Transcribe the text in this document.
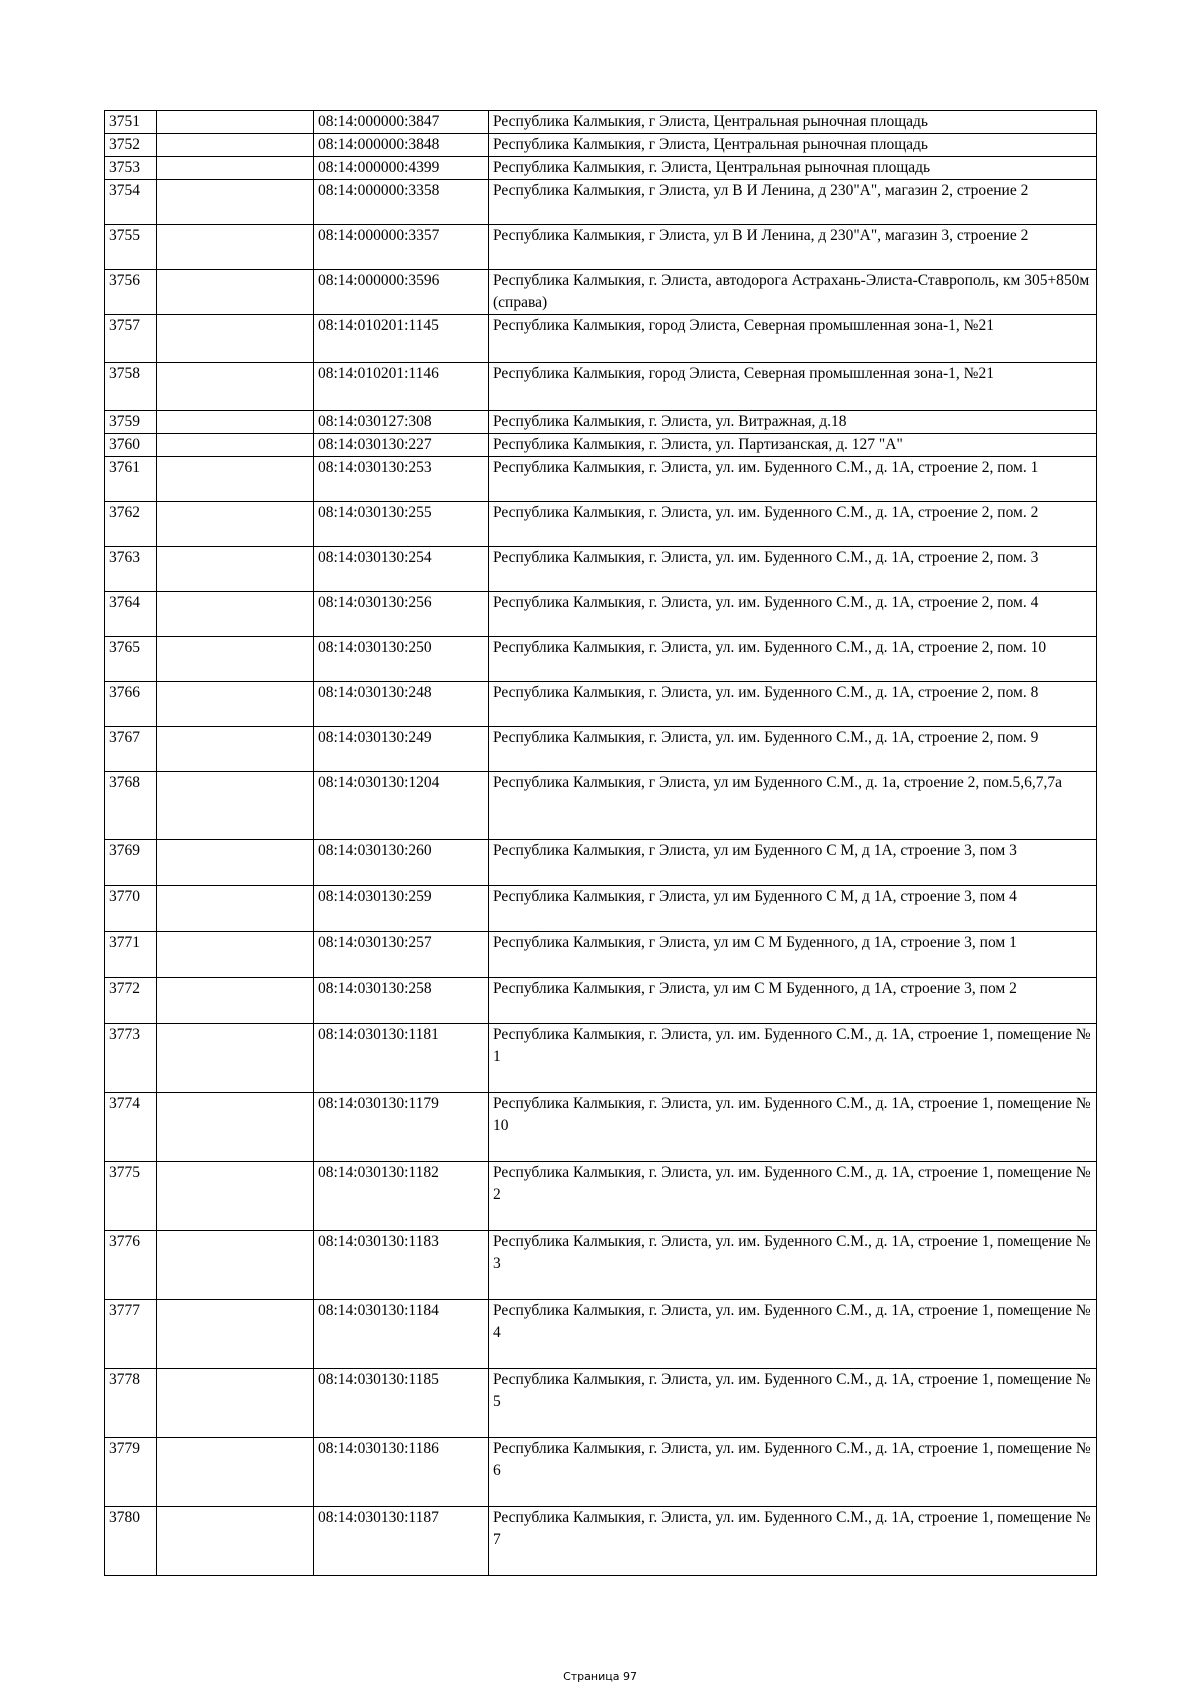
3751		08:14:000000:3847	Республика Калмыкия, г Элиста, Центральная рыночная площадь
3752		08:14:000000:3848	Республика Калмыкия, г Элиста, Центральная рыночная площадь
3753		08:14:000000:4399	Республика Калмыкия, г. Элиста, Центральная рыночная площадь
3754		08:14:000000:3358	Республика Калмыкия, г Элиста, ул В И Ленина, д 230"А", магазин 2, строение 2
3755		08:14:000000:3357	Республика Калмыкия, г Элиста, ул В И Ленина, д 230"А", магазин 3, строение 2
3756		08:14:000000:3596	Республика Калмыкия, г. Элиста, автодорога Астрахань-Элиста-Ставрополь, км 305+850м (справа)
3757		08:14:010201:1145	Республика Калмыкия, город Элиста, Северная промышленная зона-1, №21
3758		08:14:010201:1146	Республика Калмыкия, город Элиста, Северная промышленная зона-1, №21
3759		08:14:030127:308	Республика Калмыкия, г. Элиста, ул. Витражная, д.18
3760		08:14:030130:227	Республика Калмыкия, г. Элиста, ул. Партизанская, д. 127 "А"
3761		08:14:030130:253	Республика Калмыкия, г. Элиста, ул. им. Буденного С.М., д. 1А, строение 2, пом. 1
3762		08:14:030130:255	Республика Калмыкия, г. Элиста, ул. им. Буденного С.М., д. 1А, строение 2, пом. 2
3763		08:14:030130:254	Республика Калмыкия, г. Элиста, ул. им. Буденного С.М., д. 1А, строение 2, пом. 3
3764		08:14:030130:256	Республика Калмыкия, г. Элиста, ул. им. Буденного С.М., д. 1А, строение 2, пом. 4
3765		08:14:030130:250	Республика Калмыкия, г. Элиста, ул. им. Буденного С.М., д. 1А, строение 2, пом. 10
3766		08:14:030130:248	Республика Калмыкия, г. Элиста, ул. им. Буденного С.М., д. 1А, строение 2, пом. 8
3767		08:14:030130:249	Республика Калмыкия, г. Элиста, ул. им. Буденного С.М., д. 1А, строение 2, пом. 9
3768		08:14:030130:1204	Республика Калмыкия, г Элиста, ул им Буденного С.М., д. 1а, строение 2, пом.5,6,7,7а
3769		08:14:030130:260	Республика Калмыкия, г Элиста, ул им Буденного С М, д 1А, строение 3, пом 3
3770		08:14:030130:259	Республика Калмыкия, г Элиста, ул им Буденного С М, д 1А, строение 3, пом 4
3771		08:14:030130:257	Республика Калмыкия, г Элиста, ул им С М Буденного, д 1А, строение 3, пом 1
3772		08:14:030130:258	Республика Калмыкия, г Элиста, ул им С М Буденного, д 1А, строение 3, пом 2
3773		08:14:030130:1181	Республика Калмыкия, г. Элиста, ул. им. Буденного С.М., д. 1А, строение 1, помещение № 1
3774		08:14:030130:1179	Республика Калмыкия, г. Элиста, ул. им. Буденного С.М., д. 1А, строение 1, помещение № 10
3775		08:14:030130:1182	Республика Калмыкия, г. Элиста, ул. им. Буденного С.М., д. 1А, строение 1, помещение № 2
3776		08:14:030130:1183	Республика Калмыкия, г. Элиста, ул. им. Буденного С.М., д. 1А, строение 1, помещение № 3
3777		08:14:030130:1184	Республика Калмыкия, г. Элиста, ул. им. Буденного С.М., д. 1А, строение 1, помещение № 4
3778		08:14:030130:1185	Республика Калмыкия, г. Элиста, ул. им. Буденного С.М., д. 1А, строение 1, помещение № 5
3779		08:14:030130:1186	Республика Калмыкия, г. Элиста, ул. им. Буденного С.М., д. 1А, строение 1, помещение № 6
3780		08:14:030130:1187	Республика Калмыкия, г. Элиста, ул. им. Буденного С.М., д. 1А, строение 1, помещение № 7
Страница 97
